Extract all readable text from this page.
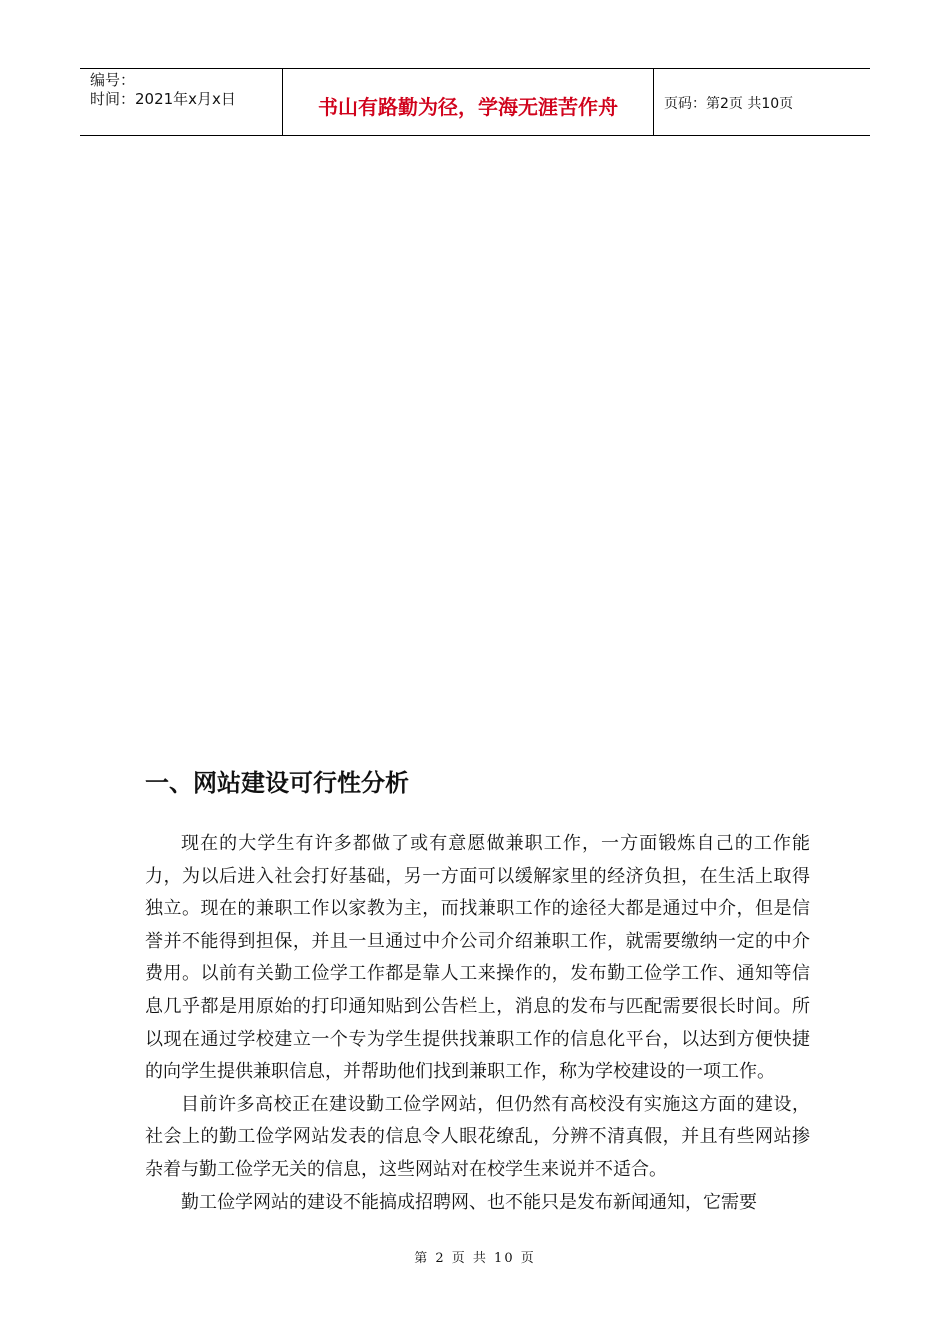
编号：
时间：2021年x月x日	书山有路勤为径，学海无涯苦作舟	页码：第2页 共10页
一、网站建设可行性分析

现在的大学生有许多都做了或有意愿做兼职工作，一方面锻炼自己的工作能力，为以后进入社会打好基础，另一方面可以缓解家里的经济负担，在生活上取得独立。现在的兼职工作以家教为主，而找兼职工作的途径大都是通过中介，但是信誉并不能得到担保，并且一旦通过中介公司介绍兼职工作，就需要缴纳一定的中介费用。以前有关勤工俭学工作都是靠人工来操作的，发布勤工俭学工作、通知等信息几乎都是用原始的打印通知贴到公告栏上，消息的发布与匹配需要很长时间。所以现在通过学校建立一个专为学生提供找兼职工作的信息化平台，以达到方便快捷的向学生提供兼职信息，并帮助他们找到兼职工作，称为学校建设的一项工作。

目前许多高校正在建设勤工俭学网站，但仍然有高校没有实施这方面的建设，社会上的勤工俭学网站发表的信息令人眼花缭乱，分辨不清真假，并且有些网站掺杂着与勤工俭学无关的信息，这些网站对在校学生来说并不适合。

勤工俭学网站的建设不能搞成招聘网、也不能只是发布新闻通知，它需要

第 2 页 共 10 页
